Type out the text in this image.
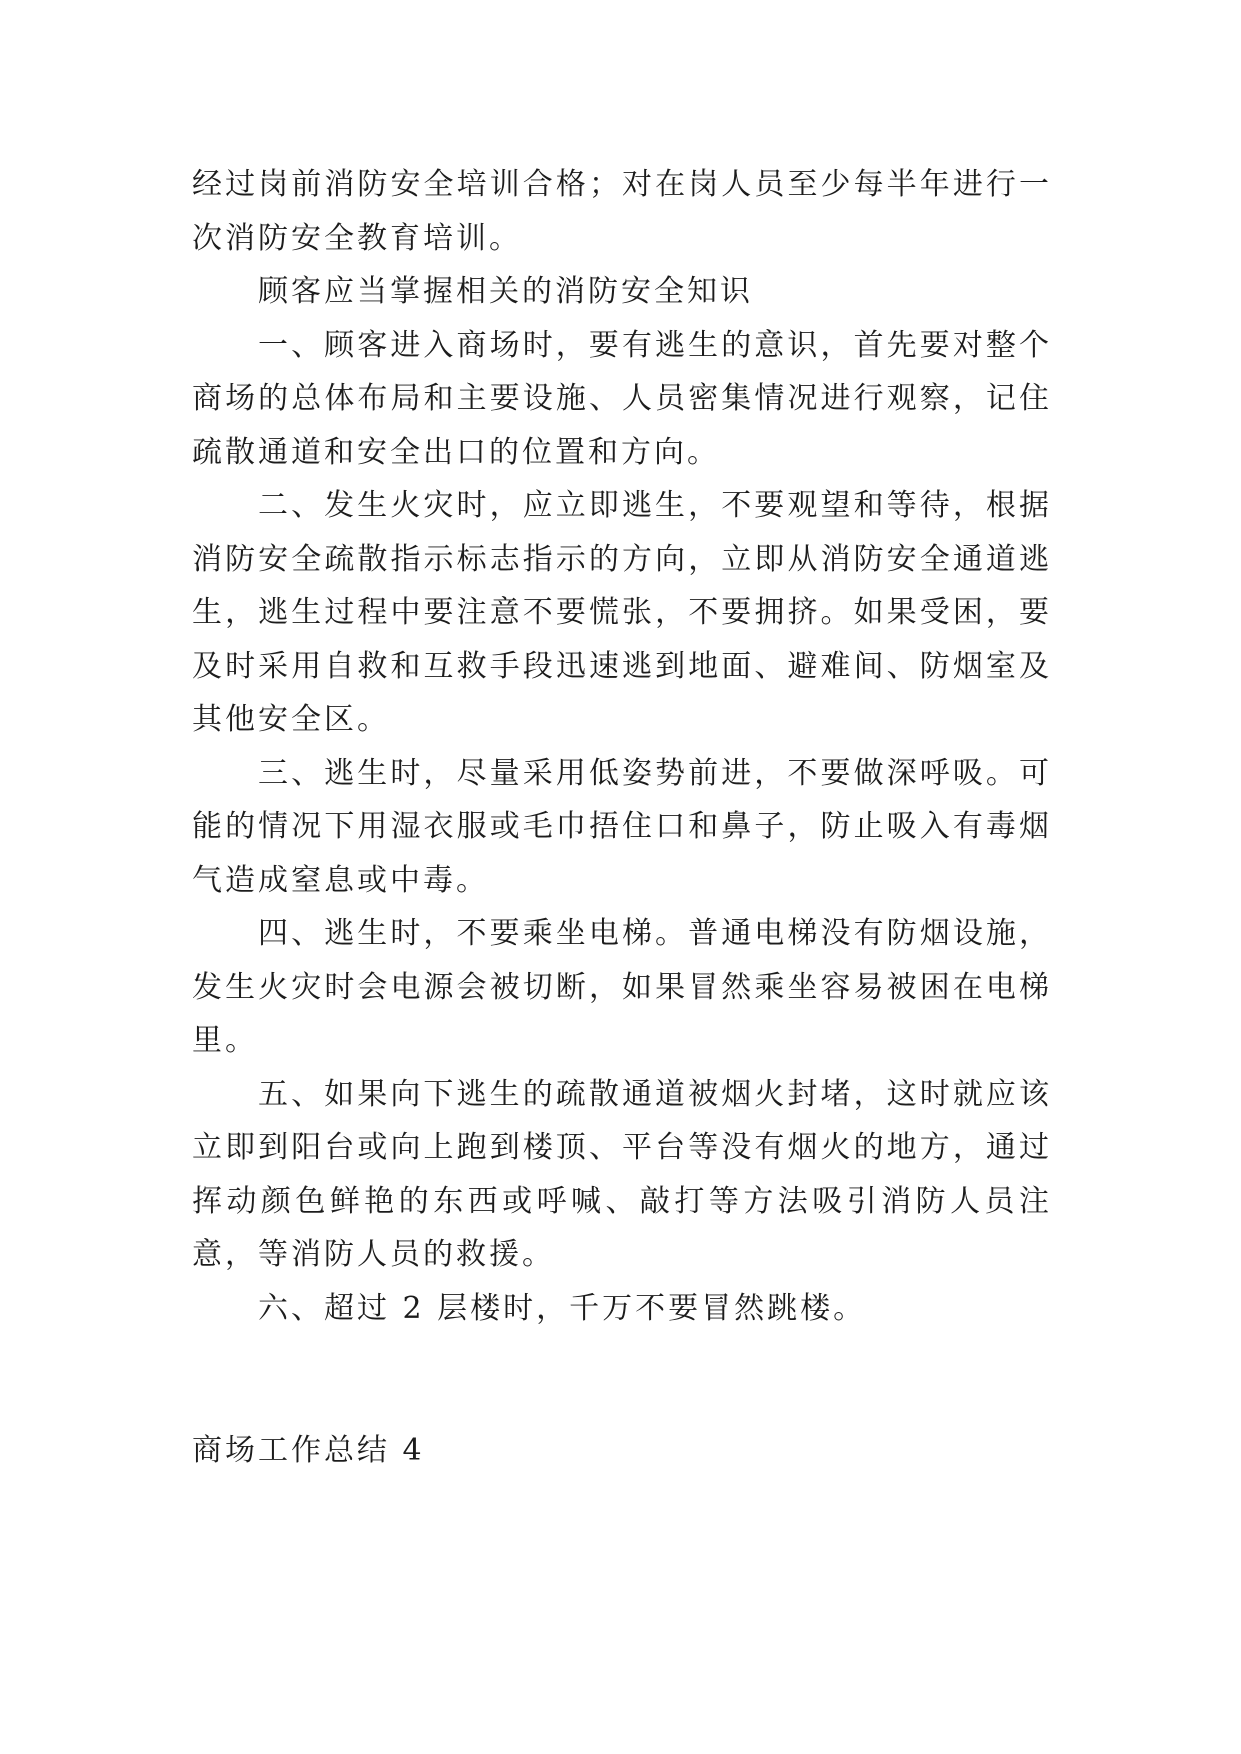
经过岗前消防安全培训合格；对在岗人员至少每半年进行一次消防安全教育培训。

顾客应当掌握相关的消防安全知识

一、顾客进入商场时，要有逃生的意识，首先要对整个商场的总体布局和主要设施、人员密集情况进行观察，记住疏散通道和安全出口的位置和方向。

二、发生火灾时，应立即逃生，不要观望和等待，根据消防安全疏散指示标志指示的方向，立即从消防安全通道逃生，逃生过程中要注意不要慌张，不要拥挤。如果受困，要及时采用自救和互救手段迅速逃到地面、避难间、防烟室及其他安全区。

三、逃生时，尽量采用低姿势前进，不要做深呼吸。可能的情况下用湿衣服或毛巾捂住口和鼻子，防止吸入有毒烟气造成窒息或中毒。

四、逃生时，不要乘坐电梯。普通电梯没有防烟设施，发生火灾时会电源会被切断，如果冒然乘坐容易被困在电梯里。

五、如果向下逃生的疏散通道被烟火封堵，这时就应该立即到阳台或向上跑到楼顶、平台等没有烟火的地方，通过挥动颜色鲜艳的东西或呼喊、敲打等方法吸引消防人员注意，等消防人员的救援。

六、超过 2 层楼时，千万不要冒然跳楼。

商场工作总结 4
